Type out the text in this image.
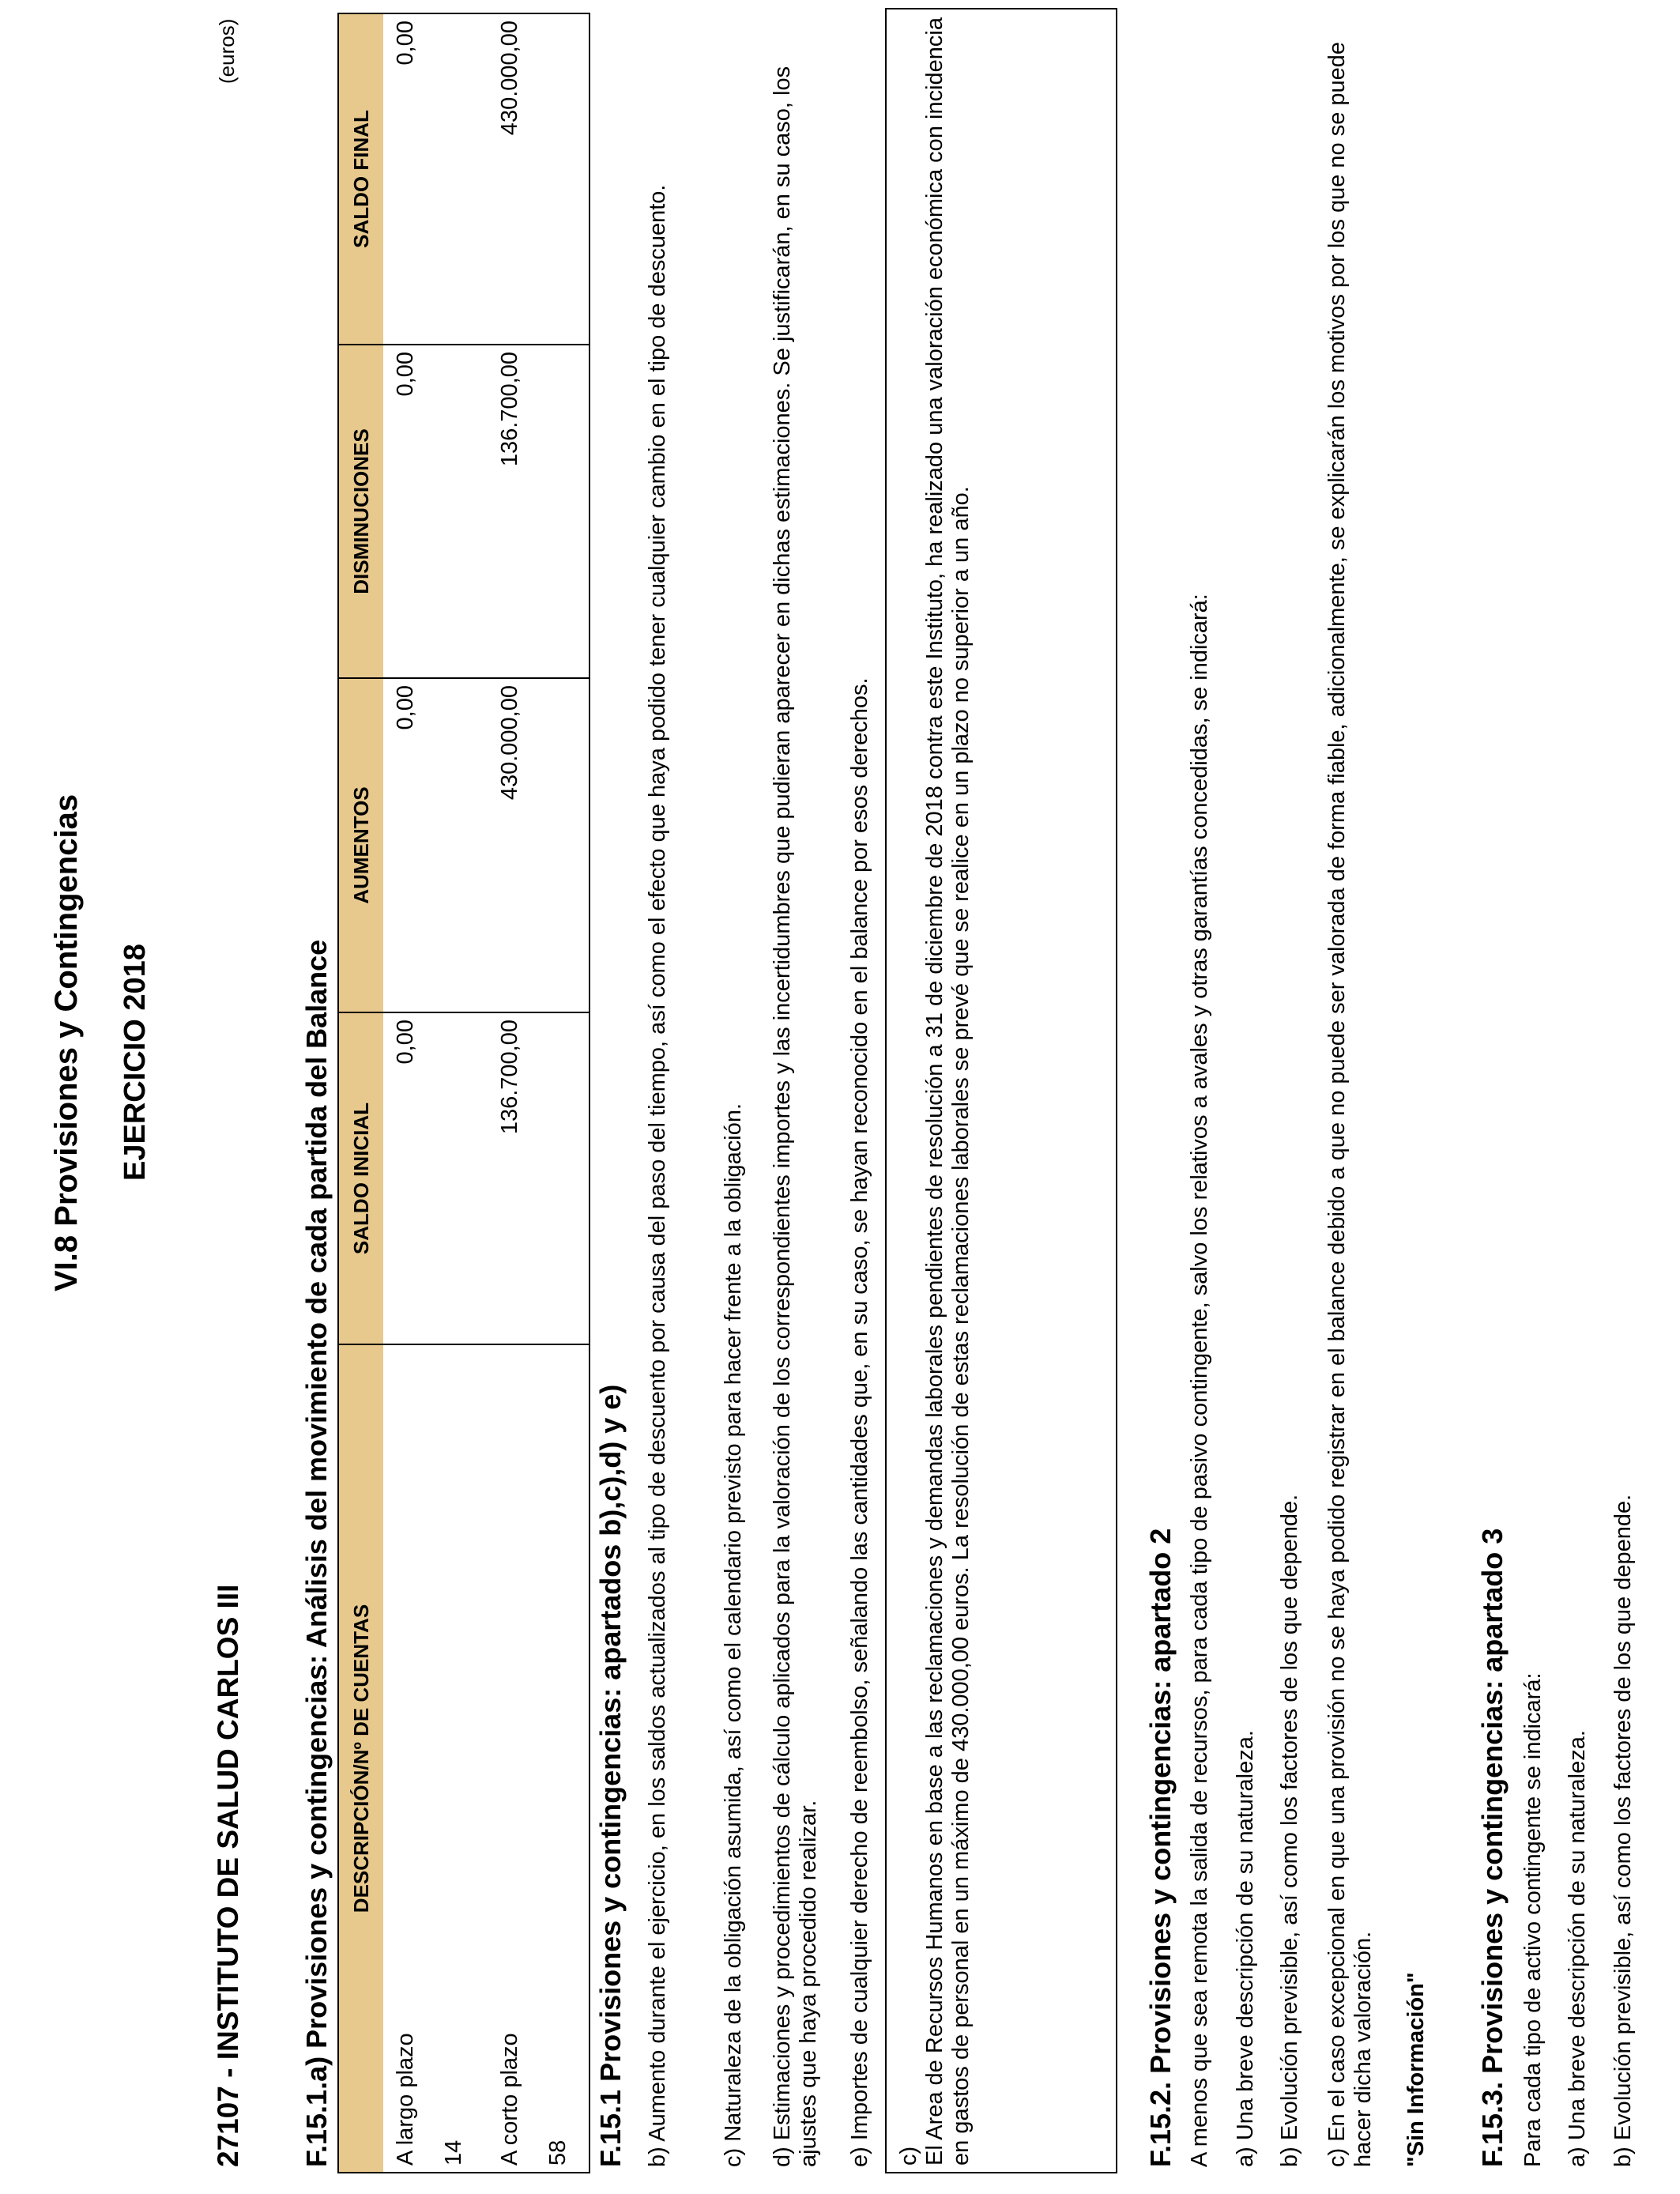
VI.8 Provisiones y Contingencias EJERCICIO 2018
27107 - INSTITUTO DE SALUD CARLOS III
(euros)
F.15.1.a) Provisiones y contingencias: Análisis del movimiento de cada partida del Balance DESCRIPCIÓN/Nº DE CUENTAS	SALDO INICIAL	AUMENTOS	DISMINUCIONES	SALDO FINAL
A largo plazo 14	0,00	0,00	0,00	0,00
A corto plazo 58	136.700,00	430.000,00	136.700,00	430.000,00
F.15.1 Provisiones y contingencias: apartados b),c),d) y e) b) Aumento durante el ejercicio, en los saldos actualizados al tipo de descuento por causa del paso del tiempo, así como el efecto que haya podido tener cualquier cambio en el tipo de descuento. c) Naturaleza de la obligación asumida, así como el calendario previsto para hacer frente a la obligación. d) Estimaciones y procedimientos de cálculo aplicados para la valoración de los correspondientes importes y las incertidumbres que pudieran aparecer en dichas estimaciones. Se justificarán, en su caso, los ajustes que haya procedido realizar. e) Importes de cualquier derecho de reembolso, señalando las cantidades que, en su caso, se hayan reconocido en el balance por esos derechos.	c) El Area de Recursos Humanos en base a las reclamaciones y demandas laborales pendientes de resolución a 31 de diciembre de 2018 contra este Instituto, ha realizado una valoración económica con incidencia en gastos de personal en un máximo de 430.000,00 euros. La resolución de estas reclamaciones laborales se prevé que se realice en un plazo no superior a un año.	F.15.2. Provisiones y contingencias: apartado 2 A menos que sea remota la salida de recursos, para cada tipo de pasivo contingente, salvo los relativos a avales y otras garantías concedidas, se indicará: a) Una breve descripción de su naturaleza. b) Evolución previsible, así como los factores de los que depende. c) En el caso excepcional en que una provisión no se haya podido registrar en el balance debido a que no puede ser valorada de forma fiable, adicionalmente, se explicarán los motivos por los que no se puede hacer dicha valoración. "Sin Información" F.15.3. Provisiones y contingencias: apartado 3 Para cada tipo de activo contingente se indicará: a) Una breve descripción de su naturaleza. b) Evolución previsible, así como los factores de los que depende.
